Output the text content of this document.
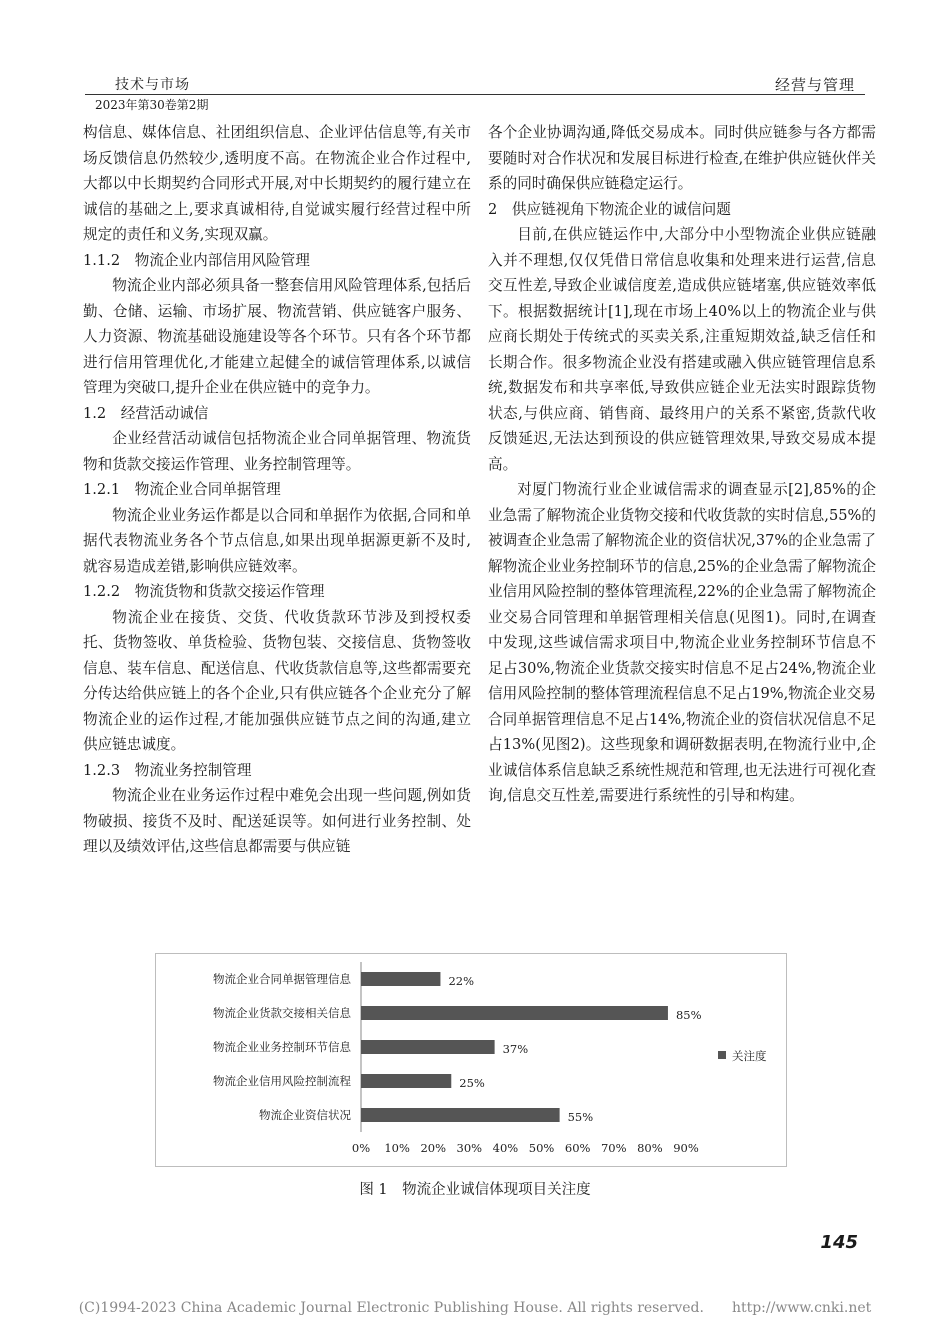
技术与市场	经营与管理
2023年第30卷第2期

构信息、媒体信息、社团组织信息、企业评估信息等,有关市场反馈信息仍然较少,透明度不高。在物流企业合作过程中,大都以中长期契约合同形式开展,对中长期契约的履行建立在诚信的基础之上,要求真诚相待,自觉诚实履行经营过程中所规定的责任和义务,实现双赢。

1.1.2　物流企业内部信用风险管理

物流企业内部必须具备一整套信用风险管理体系,包括后勤、仓储、运输、市场扩展、物流营销、供应链客户服务、人力资源、物流基础设施建设等各个环节。只有各个环节都进行信用管理优化,才能建立起健全的诚信管理体系,以诚信管理为突破口,提升企业在供应链中的竞争力。

1.2　经营活动诚信

企业经营活动诚信包括物流企业合同单据管理、物流货物和货款交接运作管理、业务控制管理等。

1.2.1　物流企业合同单据管理

物流企业业务运作都是以合同和单据作为依据,合同和单据代表物流业务各个节点信息,如果出现单据源更新不及时,就容易造成差错,影响供应链效率。

1.2.2　物流货物和货款交接运作管理

物流企业在接货、交货、代收货款环节涉及到授权委托、货物签收、单货检验、货物包装、交接信息、货物签收信息、装车信息、配送信息、代收货款信息等,这些都需要充分传达给供应链上的各个企业,只有供应链各个企业充分了解物流企业的运作过程,才能加强供应链节点之间的沟通,建立供应链忠诚度。

1.2.3　物流业务控制管理

物流企业在业务运作过程中难免会出现一些问题,例如货物破损、接货不及时、配送延误等。如何进行业务控制、处理以及绩效评估,这些信息都需要与供应链

各个企业协调沟通,降低交易成本。同时供应链参与各方都需要随时对合作状况和发展目标进行检查,在维护供应链伙伴关系的同时确保供应链稳定运行。

2　供应链视角下物流企业的诚信问题

目前,在供应链运作中,大部分中小型物流企业供应链融入并不理想,仅仅凭借日常信息收集和处理来进行运营,信息交互性差,导致企业诚信度差,造成供应链堵塞,供应链效率低下。根据数据统计[1],现在市场上40%以上的物流企业与供应商长期处于传统式的买卖关系,注重短期效益,缺乏信任和长期合作。很多物流企业没有搭建或融入供应链管理信息系统,数据发布和共享率低,导致供应链企业无法实时跟踪货物状态,与供应商、销售商、最终用户的关系不紧密,货款代收反馈延迟,无法达到预设的供应链管理效果,导致交易成本提高。

对厦门物流行业企业诚信需求的调查显示[2],85%的企业急需了解物流企业货物交接和代收货款的实时信息,55%的被调查企业急需了解物流企业的资信状况,37%的企业急需了解物流企业业务控制环节的信息,25%的企业急需了解物流企业信用风险控制的整体管理流程,22%的企业急需了解物流企业交易合同管理和单据管理相关信息(见图1)。同时,在调查中发现,这些诚信需求项目中,物流企业业务控制环节信息不足占30%,物流企业货款交接实时信息不足占24%,物流企业信用风险控制的整体管理流程信息不足占19%,物流企业交易合同单据管理信息不足占14%,物流企业的资信状况信息不足占13%(见图2)。这些现象和调研数据表明,在物流行业中,企业诚信体系信息缺乏系统性规范和管理,也无法进行可视化查询,信息交互性差,需要进行系统性的引导和构建。

物流企业合同单据管理信息	22%
物流企业货款交接相关信息	85%
物流企业业务控制环节信息	37%
物流企业信用风险控制流程	25%
物流企业资信状况	55%
0% 10% 20% 30% 40% 50% 60% 70% 80% 90%
关注度
图 1　物流企业诚信体现项目关注度
145
(C)1994-2023 China Academic Journal Electronic Publishing House. All rights reserved.　　http://www.cnki.net
